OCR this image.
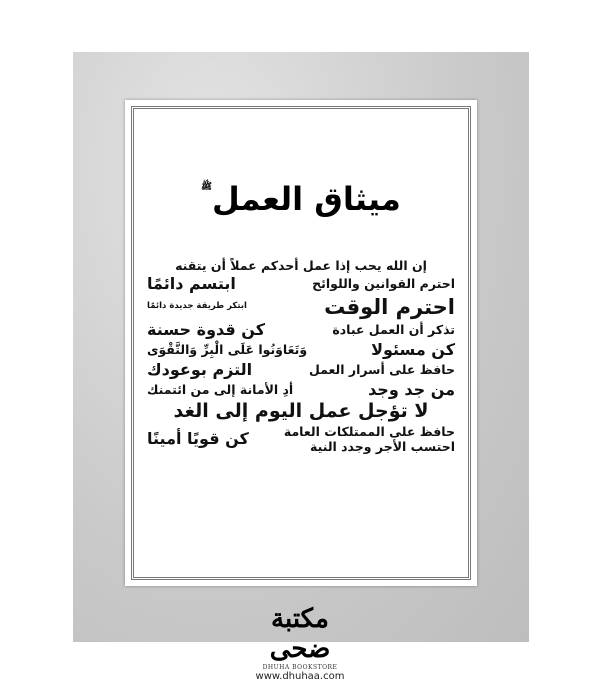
ميثاق العمل$^ﷺ$
إن الله يحب إذا عمل أحدكم عملاً أن يتقنه
احترم القوانين واللوائح
ابتسم دائمًا
احترم الوقت
ابتكر طريقة جديدة دائمًا
تذكر أن العمل عبادة
كن قدوة حسنة
كن مسئولا
وَتَعَاوَنُوا عَلَى الْبِرِّ وَالتَّقْوَى
حافظ على أسرار العمل
التزم بوعودك
من جد وجد
أدِ الأمانة إلى من ائتمنك
لا تؤجل عمل اليوم إلى الغد
حافظ على الممتلكات العامة
احتسب الأجر وجدد النية
كن قويًا أمينًا
مكتبة ضحى
DHUHA BOOKSTORE
www.dhuhaa.com
